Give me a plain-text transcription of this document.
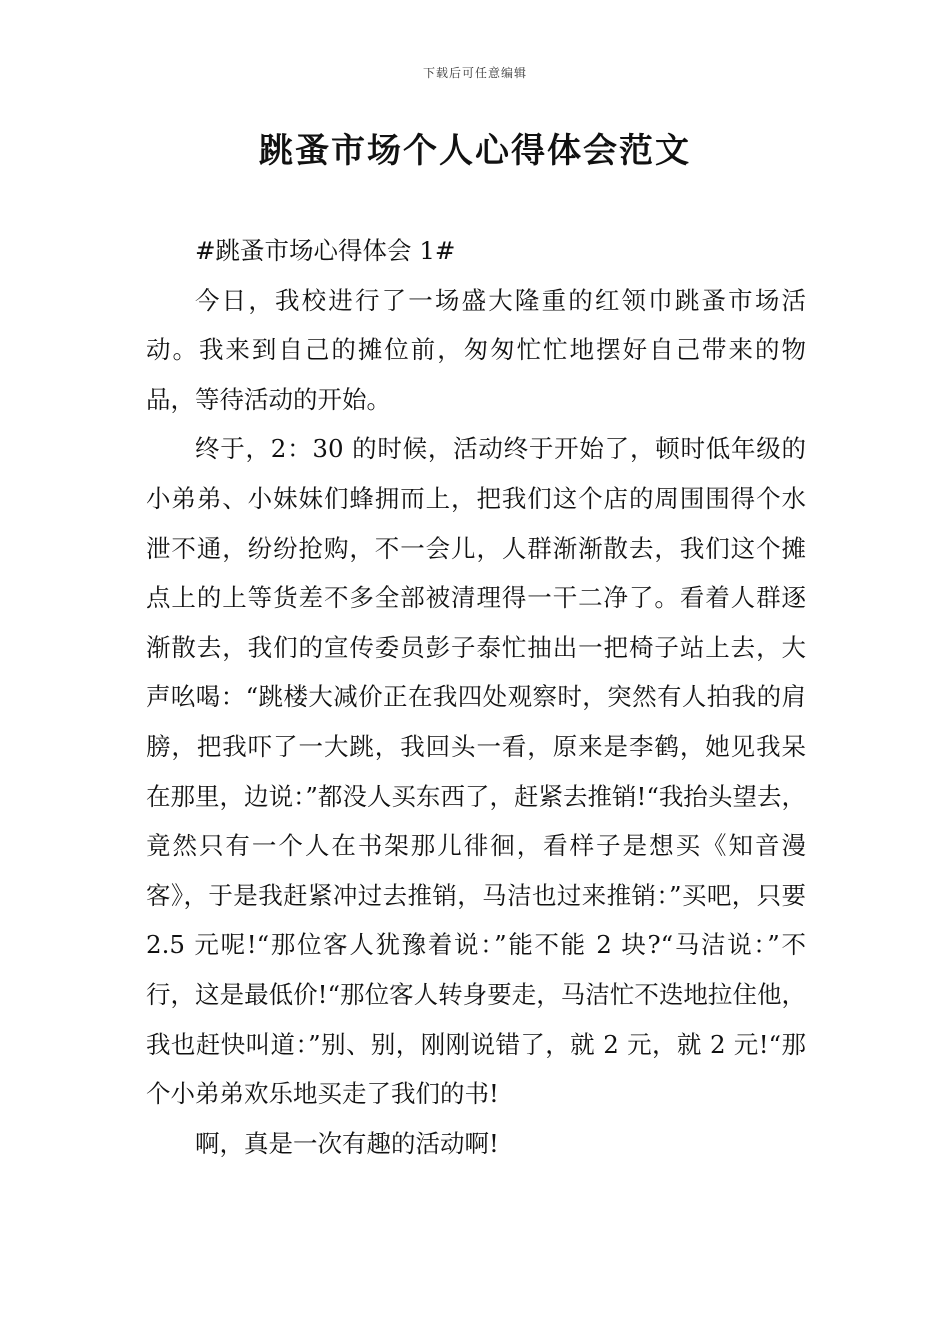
下载后可任意编辑
跳蚤市场个人心得体会范文

#跳蚤市场心得体会 1#

今日，我校进行了一场盛大隆重的红领巾跳蚤市场活动。我来到自己的摊位前，匆匆忙忙地摆好自己带来的物品，等待活动的开始。

终于，2：30 的时候，活动终于开始了，顿时低年级的小弟弟、小妹妹们蜂拥而上，把我们这个店的周围围得个水泄不通，纷纷抢购，不一会儿，人群渐渐散去，我们这个摊点上的上等货差不多全部被清理得一干二净了。看着人群逐渐散去，我们的宣传委员彭子泰忙抽出一把椅子站上去，大声吆喝：“跳楼大减价正在我四处观察时，突然有人拍我的肩膀，把我吓了一大跳，我回头一看，原来是李鹤，她见我呆在那里，边说：”都没人买东西了，赶紧去推销!“我抬头望去，竟然只有一个人在书架那儿徘徊，看样子是想买《知音漫客》，于是我赶紧冲过去推销，马洁也过来推销：”买吧，只要 2.5 元呢!“那位客人犹豫着说：”能不能 2 块?“马洁说：”不行，这是最低价!“那位客人转身要走，马洁忙不迭地拉住他，我也赶快叫道：”别、别，刚刚说错了，就 2 元，就 2 元!“那个小弟弟欢乐地买走了我们的书!

啊，真是一次有趣的活动啊!
